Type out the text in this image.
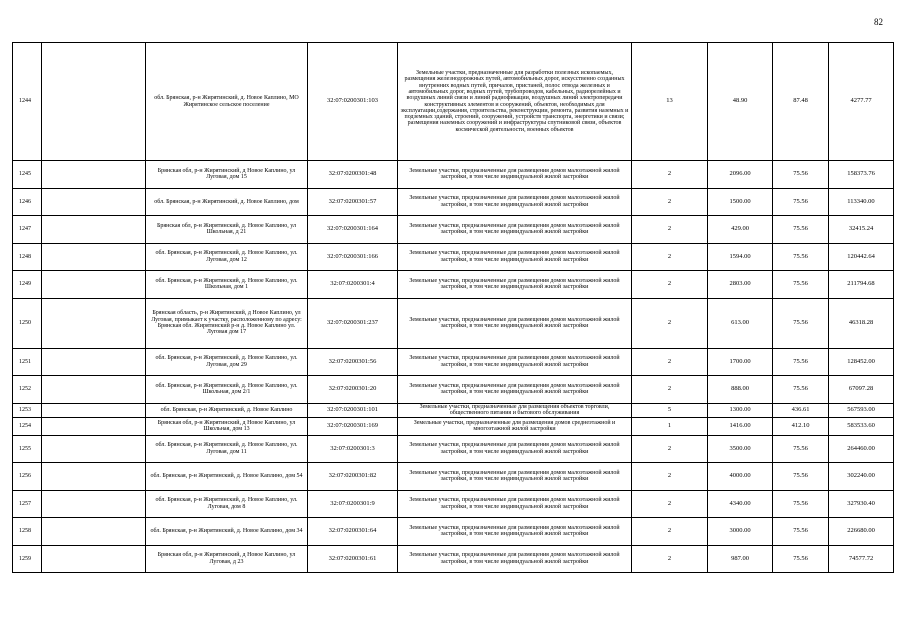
82
1244		обл. Брянская, р-н Жирятинский, д. Новое Каплино, МО Жирятинское сельское поселение	32:07:0200301:103	Земельные участки, предназначенные для разработки полезных ископаемых, размещения железнодорожных путей, автомобильных дорог, искусственно созданных внутренних водных путей, причалов, пристаней, полос отвода железных и автомобильных дорог, водных путей, трубопроводов, кабельных, радиорелейных и воздушных линий связи и линий радиофикации, воздушных линий электропередачи конструктивных элементов и сооружений, объектов, необходимых для эксплуатации,содержания, строительства, реконструкции, ремонта, развития наземных и подземных зданий, строений, сооружений, устройств транспорта, энергетики и связи; размещения наземных сооружений и инфраструктуры спутниковой связи, объектов космической деятельности, военных объектов	13	48.90	87.48	4277.77
1245		Брянская обл, р-н Жирятинский, д Новое Каплино, ул Луговая, дом 15	32:07:0200301:48	Земельные участки, предназначенные для размещения домов малоэтажной жилой застройки, в том числе индивидуальной жилой застройки	2	2096.00	75.56	158373.76
1246		обл. Брянская, р-н Жирятинский, д. Новое Каплино, дом	32:07:0200301:57	Земельные участки, предназначенные для размещения домов малоэтажной жилой застройки, в том числе индивидуальной жилой застройки	2	1500.00	75.56	113340.00
1247		Брянская обл, р-н Жирятинский, д. Новое Каплино, ул Школьная, д 21	32:07:0200301:164	Земельные участки, предназначенные для размещения домов малоэтажной жилой застройки, в том числе индивидуальной жилой застройки	2	429.00	75.56	32415.24
1248		обл. Брянская, р-н Жирятинский, д. Новое Каплино, ул. Луговая, дом 12	32:07:0200301:166	Земельные участки, предназначенные для размещения домов малоэтажной жилой застройки, в том числе индивидуальной жилой застройки	2	1594.00	75.56	120442.64
1249		обл. Брянская, р-н Жирятинский, д. Новое Каплино, ул. Школьная, дом 1	32:07:0200301:4	Земельные участки, предназначенные для размещения домов малоэтажной жилой застройки, в том числе индивидуальной жилой застройки	2	2803.00	75.56	211794.68
1250		Брянская область, р-н Жирятинский, д Новое Каплино, ул Луговая, примыкает к участку, расположенному по адресу: Брянская обл. Жирятинский р-н д. Новое Каплино ул. Луговая дом 17	32:07:0200301:237	Земельные участки, предназначенные для размещения домов малоэтажной жилой застройки, в том числе индивидуальной жилой застройки	2	613.00	75.56	46318.28
1251		обл. Брянская, р-н Жирятинский, д. Новое Каплино, ул. Луговая, дом 29	32:07:0200301:56	Земельные участки, предназначенные для размещения домов малоэтажной жилой застройки, в том числе индивидуальной жилой застройки	2	1700.00	75.56	128452.00
1252		обл. Брянская, р-н Жирятинский, д. Новое Каплино, ул. Школьная, дом 2/1	32:07:0200301:20	Земельные участки, предназначенные для размещения домов малоэтажной жилой застройки, в том числе индивидуальной жилой застройки	2	888.00	75.56	67097.28
1253		обл. Брянская, р-н Жирятинский, д. Новое Каплино	32:07:0200301:101	Земельные участки, предназначенные для размещения объектов торговли, общественного питания и бытового обслуживания	5	1300.00	436.61	567593.00
1254		Брянская обл, р-н Жирятинский, д Новое Каплино, ул Школьная, дом 13	32:07:0200301:169	Земельные участки, предназначенные для размещения домов среднеэтажной и многоэтажной жилой застройки	1	1416.00	412.10	583533.60
1255		обл. Брянская, р-н Жирятинский, д. Новое Каплино, ул. Луговая, дом 11	32:07:0200301:3	Земельные участки, предназначенные для размещения домов малоэтажной жилой застройки, в том числе индивидуальной жилой застройки	2	3500.00	75.56	264460.00
1256		обл. Брянская, р-н Жирятинский, д. Новое Каплино, дом 54	32:07:0200301:82	Земельные участки, предназначенные для размещения домов малоэтажной жилой застройки, в том числе индивидуальной жилой застройки	2	4000.00	75.56	302240.00
1257		обл. Брянская, р-н Жирятинский, д. Новое Каплино, ул. Луговая, дом 8	32:07:0200301:9	Земельные участки, предназначенные для размещения домов малоэтажной жилой застройки, в том числе индивидуальной жилой застройки	2	4340.00	75.56	327930.40
1258		обл. Брянская, р-н Жирятинский, д. Новое Каплино, дом 34	32:07:0200301:64	Земельные участки, предназначенные для размещения домов малоэтажной жилой застройки, в том числе индивидуальной жилой застройки	2	3000.00	75.56	226680.00
1259		Брянская обл, р-н Жирятинский, д Новое Каплино, ул Луговая, д 23	32:07:0200301:61	Земельные участки, предназначенные для размещения домов малоэтажной жилой застройки, в том числе индивидуальной жилой застройки	2	987.00	75.56	74577.72
